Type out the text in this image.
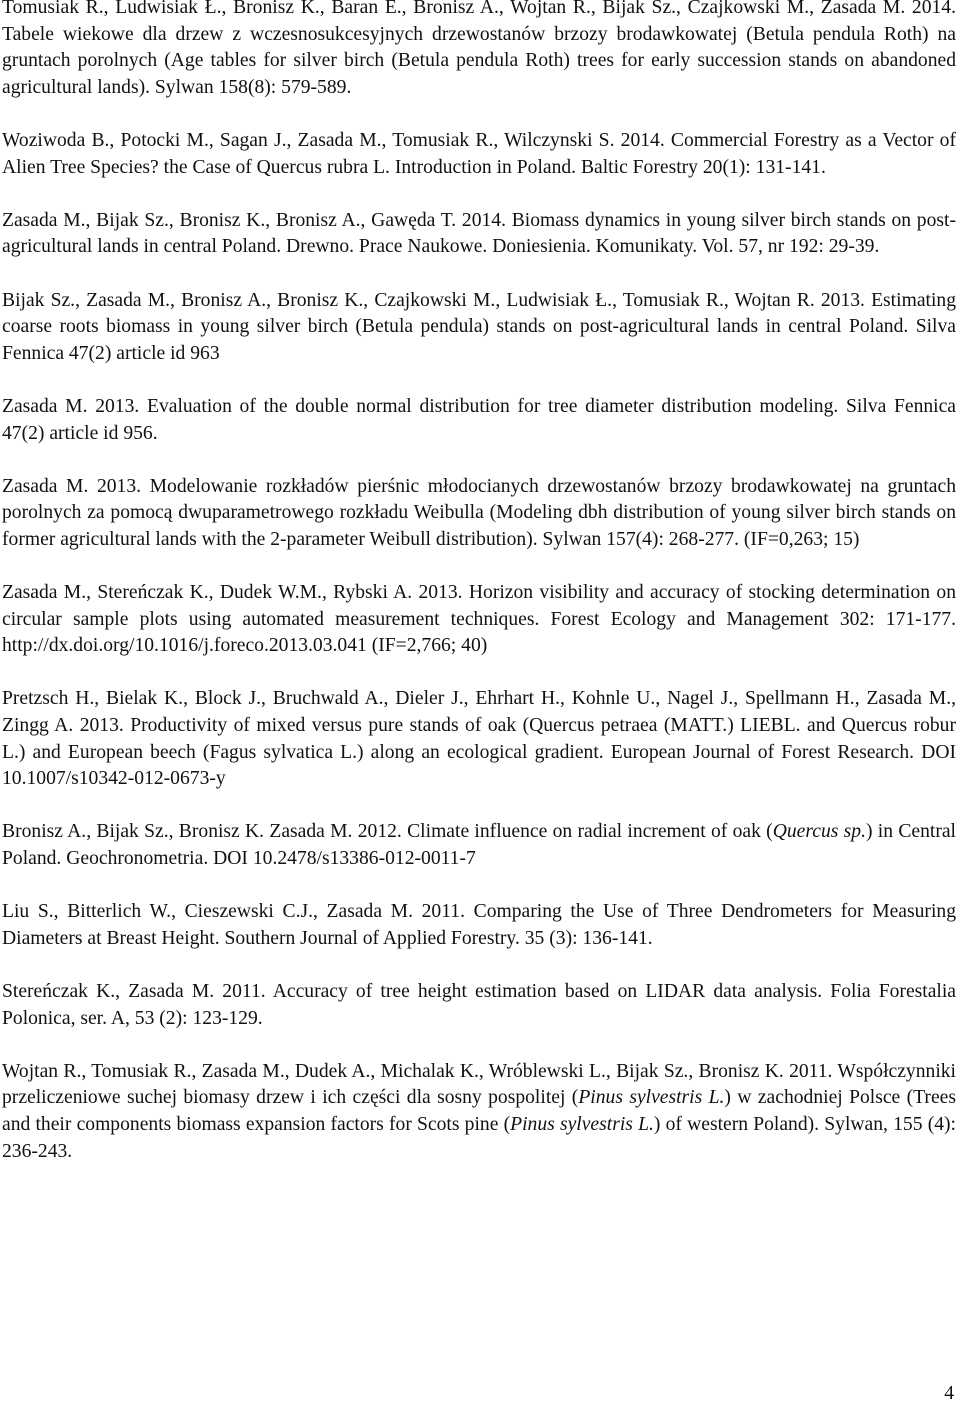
Tomusiak R., Ludwisiak Ł., Bronisz K., Baran E., Bronisz A., Wojtan R., Bijak Sz., Czajkowski M., Zasada M. 2014. Tabele wiekowe dla drzew z wczesnosukcesyjnych drzewostanów brzozy brodawkowatej (Betula pendula Roth) na gruntach porolnych (Age tables for silver birch (Betula pendula Roth) trees for early succession stands on abandoned agricultural lands). Sylwan 158(8): 579-589.

Woziwoda B., Potocki M., Sagan J., Zasada M., Tomusiak R., Wilczynski S. 2014. Commercial Forestry as a Vector of Alien Tree Species? the Case of Quercus rubra L. Introduction in Poland. Baltic Forestry 20(1): 131-141.

Zasada M., Bijak Sz., Bronisz K., Bronisz A., Gawęda T. 2014. Biomass dynamics in young silver birch stands on post-agricultural lands in central Poland. Drewno. Prace Naukowe. Doniesienia. Komunikaty. Vol. 57, nr 192: 29-39.

Bijak Sz., Zasada M., Bronisz A., Bronisz K., Czajkowski M., Ludwisiak Ł., Tomusiak R., Wojtan R. 2013. Estimating coarse roots biomass in young silver birch (Betula pendula) stands on post-agricultural lands in central Poland. Silva Fennica 47(2) article id 963

Zasada M. 2013. Evaluation of the double normal distribution for tree diameter distribution modeling. Silva Fennica 47(2) article id 956.

Zasada M. 2013. Modelowanie rozkładów pierśnic młodocianych drzewostanów brzozy brodawkowatej na gruntach porolnych za pomocą dwuparametrowego rozkładu Weibulla (Modeling dbh distribution of young silver birch stands on former agricultural lands with the 2-parameter Weibull distribution). Sylwan 157(4): 268-277. (IF=0,263; 15)

Zasada M., Stereńczak K., Dudek W.M., Rybski A. 2013. Horizon visibility and accuracy of stocking determination on circular sample plots using automated measurement techniques. Forest Ecology and Management 302: 171-177. http://dx.doi.org/10.1016/j.foreco.2013.03.041 (IF=2,766; 40)

Pretzsch H., Bielak K., Block J., Bruchwald A., Dieler J., Ehrhart H., Kohnle U., Nagel J., Spellmann H., Zasada M., Zingg A. 2013. Productivity of mixed versus pure stands of oak (Quercus petraea (MATT.) LIEBL. and Quercus robur L.) and European beech (Fagus sylvatica L.) along an ecological gradient. European Journal of Forest Research. DOI 10.1007/s10342-012-0673-y

Bronisz A., Bijak Sz., Bronisz K. Zasada M. 2012. Climate influence on radial increment of oak (Quercus sp.) in Central Poland. Geochronometria. DOI 10.2478/s13386-012-0011-7

Liu S., Bitterlich W., Cieszewski C.J., Zasada M. 2011. Comparing the Use of Three Dendrometers for Measuring Diameters at Breast Height. Southern Journal of Applied Forestry. 35 (3): 136-141.

Stereńczak K., Zasada M. 2011. Accuracy of tree height estimation based on LIDAR data analysis. Folia Forestalia Polonica, ser. A, 53 (2): 123-129.

Wojtan R., Tomusiak R., Zasada M., Dudek A., Michalak K., Wróblewski L., Bijak Sz., Bronisz K. 2011. Współczynniki przeliczeniowe suchej biomasy drzew i ich części dla sosny pospolitej (Pinus sylvestris L.) w zachodniej Polsce (Trees and their components biomass expansion factors for Scots pine (Pinus sylvestris L.) of western Poland). Sylwan, 155 (4): 236-243.

4
